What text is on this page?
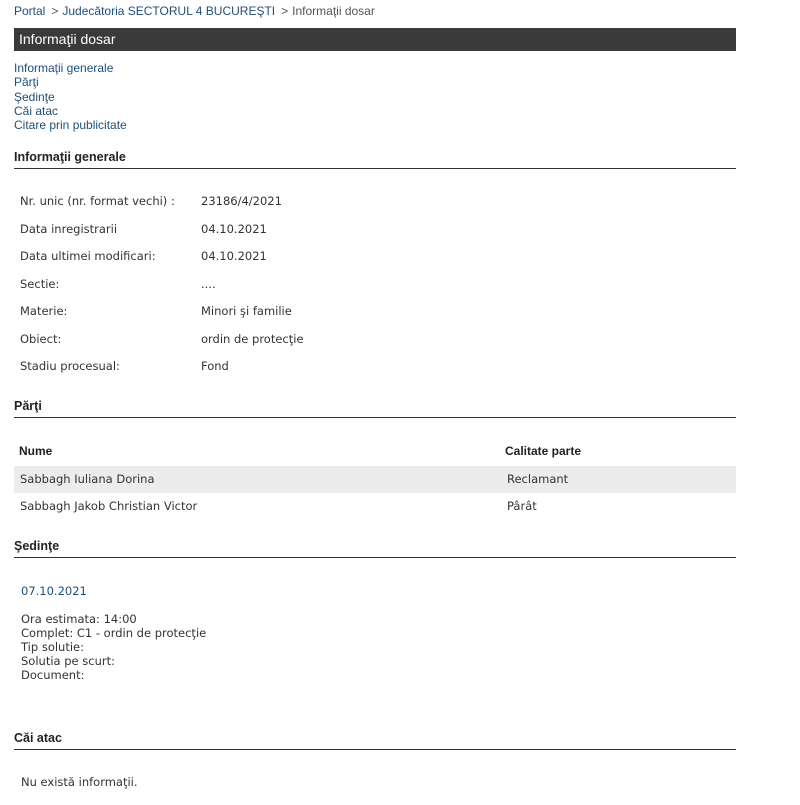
Portal > Judecătoria SECTORUL 4 BUCUREŞTI > Informaţii dosar
Informaţii dosar
Informaţii generale
Părţi
Şedinţe
Căi atac
Citare prin publicitate
Informaţii generale
Nr. unic (nr. format vechi) : 23186/4/2021
Data inregistrarii	04.10.2021
Data ultimei modificari:	04.10.2021
Sectie:	....
Materie:	Minori şi familie
Obiect:	ordin de protecţie
Stadiu procesual:	Fond
Părţi
Nume	Calitate parte
Sabbagh Iuliana Dorina	Reclamant
Sabbagh Jakob Christian Victor	Pârât
Şedinţe
07.10.2021
Ora estimata: 14:00
Complet: C1 - ordin de protecţie
Tip solutie:
Solutia pe scurt:
Document:
Căi atac
Nu există informaţii.
